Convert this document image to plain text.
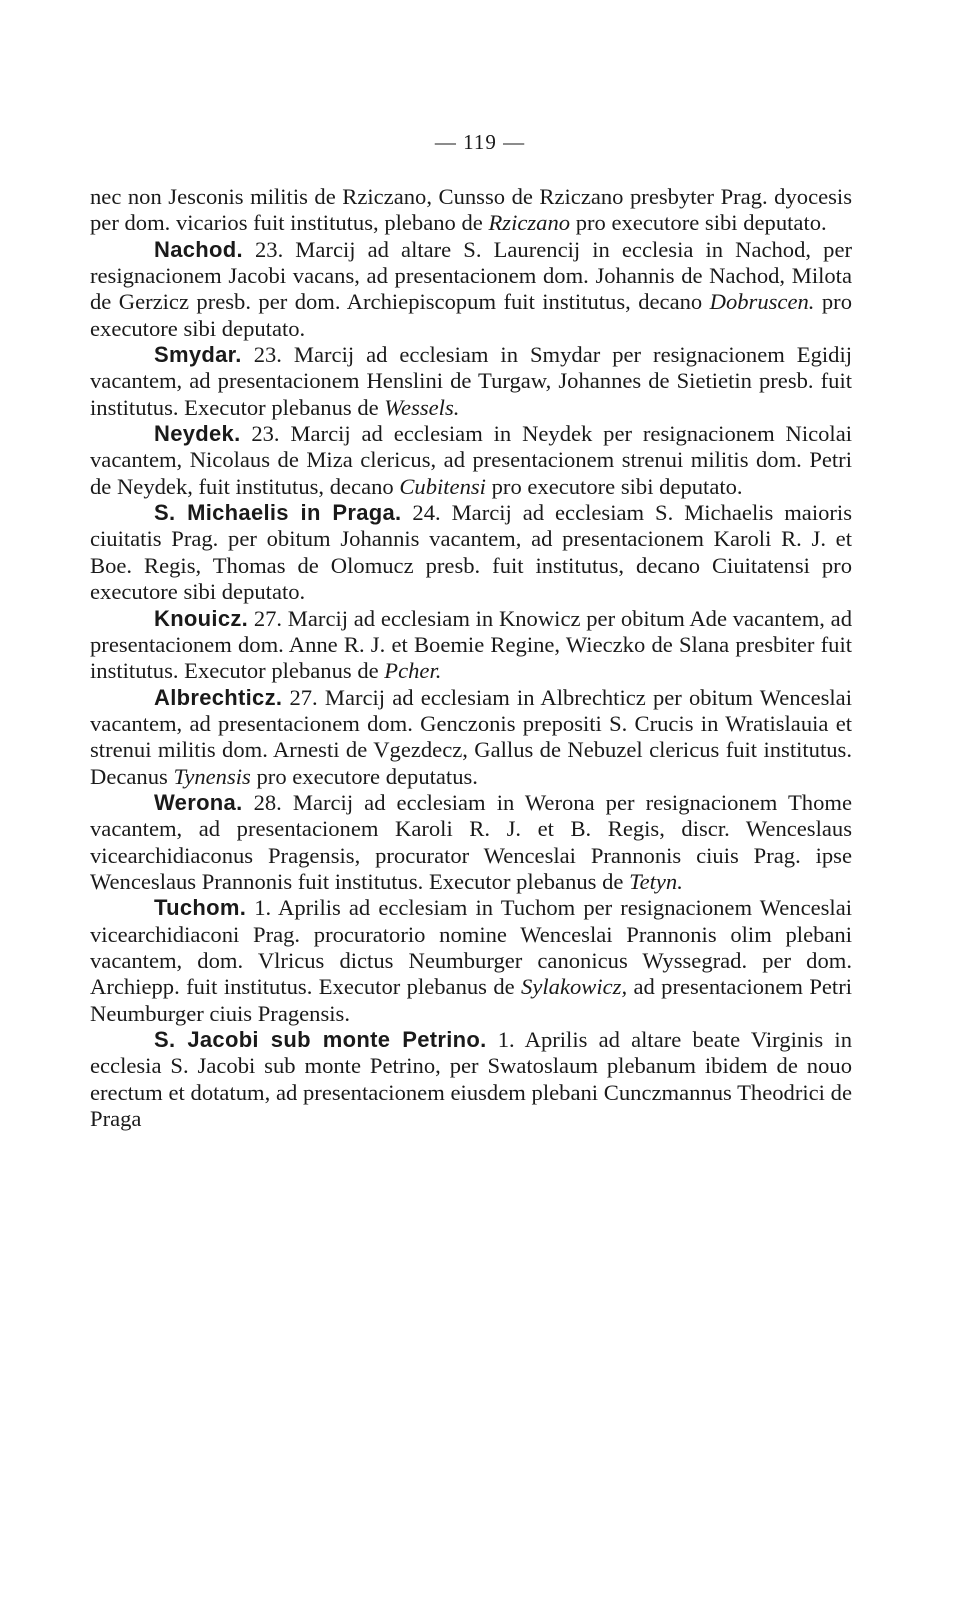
— 119 —

nec non Jesconis militis de Rziczano, Cunsso de Rziczano presbyter Prag. dyocesis per dom. vicarios fuit institutus, plebano de Rziczano pro executore sibi deputato.

Nachod. 23. Marcij ad altare S. Laurencij in ecclesia in Nachod, per resignacionem Jacobi vacans, ad presentacionem dom. Johannis de Nachod, Milota de Gerzicz presb. per dom. Archiepiscopum fuit institutus, decano Dobruscen. pro executore sibi deputato.

Smydar. 23. Marcij ad ecclesiam in Smydar per resignacionem Egidij vacantem, ad presentacionem Henslini de Turgaw, Johannes de Sietietin presb. fuit institutus. Executor plebanus de Wessels.

Neydek. 23. Marcij ad ecclesiam in Neydek per resignacionem Nicolai vacantem, Nicolaus de Miza clericus, ad presentacionem strenui militis dom. Petri de Neydek, fuit institutus, decano Cubitensi pro executore sibi deputato.

S. Michaelis in Praga. 24. Marcij ad ecclesiam S. Michaelis maioris ciuitatis Prag. per obitum Johannis vacantem, ad presentacionem Karoli R. J. et Boe. Regis, Thomas de Olomucz presb. fuit institutus, decano Ciuitatensi pro executore sibi deputato.

Knouicz. 27. Marcij ad ecclesiam in Knowicz per obitum Ade vacantem, ad presentacionem dom. Anne R. J. et Boemie Regine, Wieczko de Slana presbiter fuit institutus. Executor plebanus de Pcher.

Albrechticz. 27. Marcij ad ecclesiam in Albrechticz per obitum Wenceslai vacantem, ad presentacionem dom. Genczonis prepositi S. Crucis in Wratislauia et strenui militis dom. Arnesti de Vgezdecz, Gallus de Nebuzel clericus fuit institutus. Decanus Tynensis pro executore deputatus.

Werona. 28. Marcij ad ecclesiam in Werona per resignacionem Thome vacantem, ad presentacionem Karoli R. J. et B. Regis, discr. Wenceslaus vicearchidiaconus Pragensis, procurator Wenceslai Prannonis ciuis Prag. ipse Wenceslaus Prannonis fuit institutus. Executor plebanus de Tetyn.

Tuchom. 1. Aprilis ad ecclesiam in Tuchom per resignacionem Wenceslai vicearchidiaconi Prag. procuratorio nomine Wenceslai Prannonis olim plebani vacantem, dom. Vlricus dictus Neumburger canonicus Wyssegrad. per dom. Archiepp. fuit institutus. Executor plebanus de Sylakowicz, ad presentacionem Petri Neumburger ciuis Pragensis.

S. Jacobi sub monte Petrino. 1. Aprilis ad altare beate Virginis in ecclesia S. Jacobi sub monte Petrino, per Swatoslaum plebanum ibidem de nouo erectum et dotatum, ad presentacionem eiusdem plebani Cunczmannus Theodrici de Praga
